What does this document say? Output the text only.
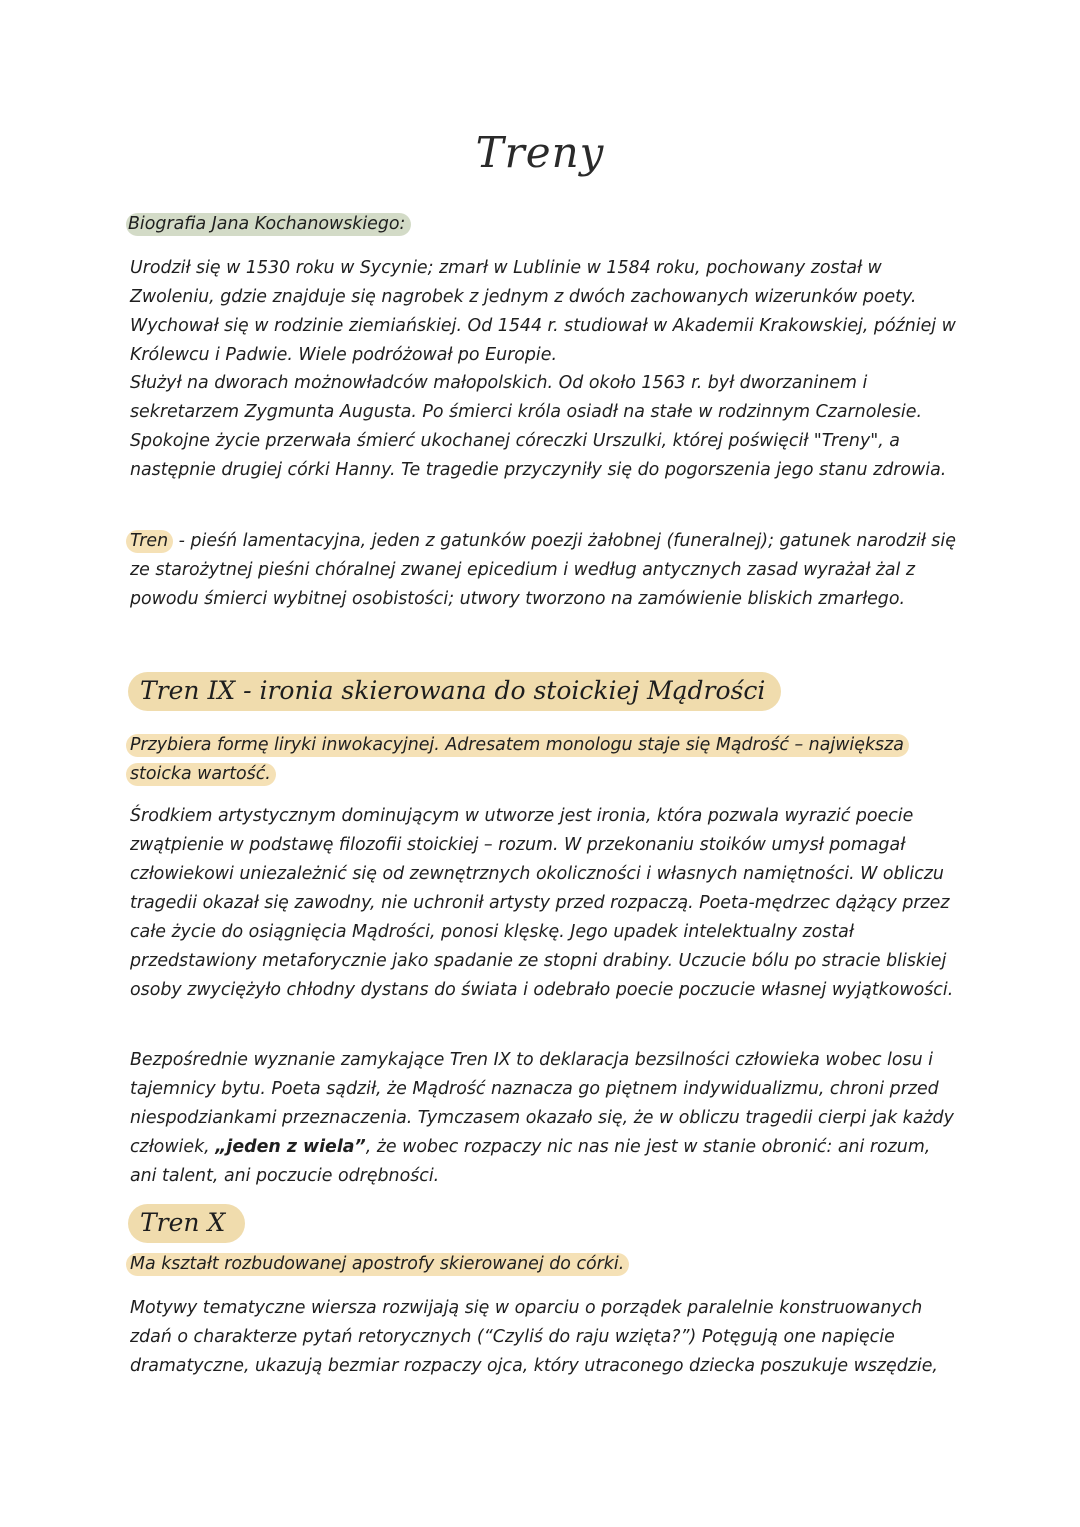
Treny

Biografia Jana Kochanowskiego:

Urodził się w 1530 roku w Sycynie; zmarł w Lublinie w 1584 roku, pochowany został w Zwoleniu, gdzie znajduje się nagrobek z jednym z dwóch zachowanych wizerunków poety. Wychował się w rodzinie ziemiańskiej. Od 1544 r. studiował w Akademii Krakowskiej, później w Królewcu i Padwie. Wiele podróżował po Europie.

Służył na dworach możnowładców małopolskich. Od około 1563 r. był dworzaninem i sekretarzem Zygmunta Augusta. Po śmierci króla osiadł na stałe w rodzinnym Czarnolesie. Spokojne życie przerwała śmierć ukochanej córeczki Urszulki, której poświęcił "Treny", a następnie drugiej córki Hanny. Te tragedie przyczyniły się do pogorszenia jego stanu zdrowia.

Tren - pieśń lamentacyjna, jeden z gatunków poezji żałobnej (funeralnej); gatunek narodził się ze starożytnej pieśni chóralnej zwanej epicedium i według antycznych zasad wyrażał żal z powodu śmierci wybitnej osobistości; utwory tworzono na zamówienie bliskich zmarłego.

Tren IX - ironia skierowana do stoickiej Mądrości

Przybiera formę liryki inwokacyjnej. Adresatem monologu staje się Mądrość – największa stoicka wartość.

Środkiem artystycznym dominującym w utworze jest ironia, która pozwala wyrazić poecie zwątpienie w podstawę filozofii stoickiej – rozum. W przekonaniu stoików umysł pomagał człowiekowi uniezależnić się od zewnętrznych okoliczności i własnych namiętności. W obliczu tragedii okazał się zawodny, nie uchronił artysty przed rozpaczą. Poeta-mędrzec dążący przez całe życie do osiągnięcia Mądrości, ponosi klęskę. Jego upadek intelektualny został przedstawiony metaforycznie jako spadanie ze stopni drabiny. Uczucie bólu po stracie bliskiej osoby zwyciężyło chłodny dystans do świata i odebrało poecie poczucie własnej wyjątkowości.

Bezpośrednie wyznanie zamykające Tren IX to deklaracja bezsilności człowieka wobec losu i tajemnicy bytu. Poeta sądził, że Mądrość naznacza go piętnem indywidualizmu, chroni przed niespodziankami przeznaczenia. Tymczasem okazało się, że w obliczu tragedii cierpi jak każdy człowiek, „jeden z wiela”, że wobec rozpaczy nic nas nie jest w stanie obronić: ani rozum, ani talent, ani poczucie odrębności.

Tren X

Ma kształt rozbudowanej apostrofy skierowanej do córki.

Motywy tematyczne wiersza rozwijają się w oparciu o porządek paralelnie konstruowanych zdań o charakterze pytań retorycznych (“Czyliś do raju wzięta?”) Potęgują one napięcie dramatyczne, ukazują bezmiar rozpaczy ojca, który utraconego dziecka poszukuje wszędzie,
